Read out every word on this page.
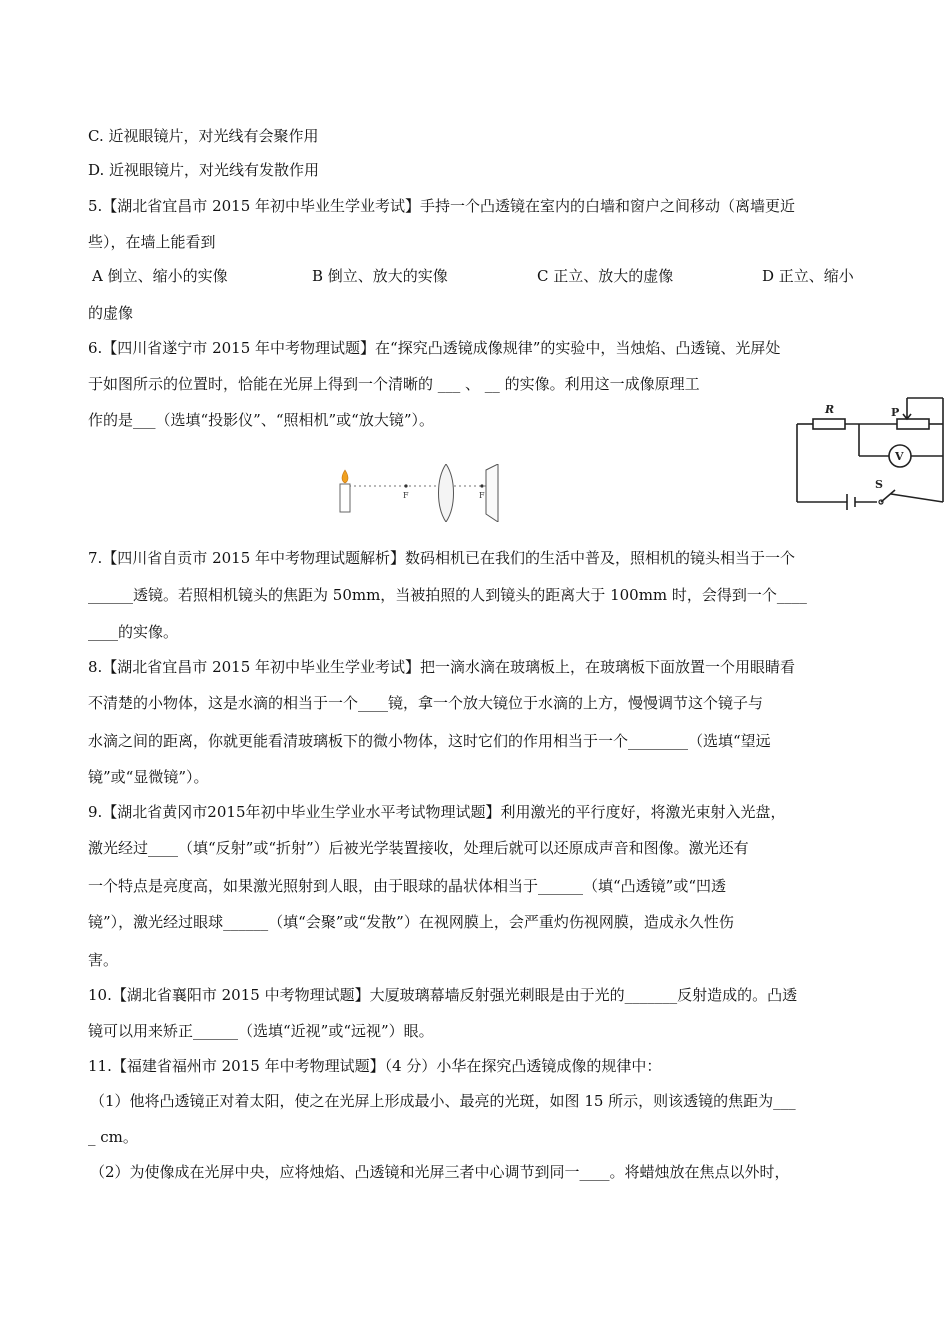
C. 近视眼镜片，对光线有会聚作用
D. 近视眼镜片，对光线有发散作用
5.【湖北省宜昌市 2015 年初中毕业生学业考试】手持一个凸透镜在室内的白墙和窗户之间移动（离墙更近
些），在墙上能看到
A 倒立、缩小的实像	B 倒立、放大的实像	C 正立、放大的虚像	D 正立、缩小
的虚像
6.【四川省遂宁市 2015 年中考物理试题】在“探究凸透镜成像规律”的实验中，当烛焰、凸透镜、光屏处
于如图所示的位置时，恰能在光屏上得到一个清晰的 ___ 、 __ 的实像。利用这一成像原理工
作的是___（选填“投影仪”、“照相机”或“放大镜”）。
F	F
R	P
V
S
7.【四川省自贡市 2015 年中考物理试题解析】数码相机已在我们的生活中普及，照相机的镜头相当于一个
______透镜。若照相机镜头的焦距为 50mm，当被拍照的人到镜头的距离大于 100mm 时，会得到一个____
____的实像。
8.【湖北省宜昌市 2015 年初中毕业生学业考试】把一滴水滴在玻璃板上，在玻璃板下面放置一个用眼睛看
不清楚的小物体，这是水滴的相当于一个____镜，拿一个放大镜位于水滴的上方，慢慢调节这个镜子与
水滴之间的距离，你就更能看清玻璃板下的微小物体，这时它们的作用相当于一个________（选填“望远
镜”或“显微镜”）。
9.【湖北省黄冈市2015年初中毕业生学业水平考试物理试题】利用激光的平行度好，将激光束射入光盘，
激光经过____（填“反射”或“折射”）后被光学装置接收，处理后就可以还原成声音和图像。激光还有
一个特点是亮度高，如果激光照射到人眼，由于眼球的晶状体相当于______（填“凸透镜”或“凹透
镜”），激光经过眼球______（填“会聚”或“发散”）在视网膜上，会严重灼伤视网膜，造成永久性伤
害。
10.【湖北省襄阳市 2015 中考物理试题】大厦玻璃幕墙反射强光刺眼是由于光的_______反射造成的。凸透
镜可以用来矫正______（选填“近视”或“远视”）眼。
11.【福建省福州市 2015 年中考物理试题】（4 分）小华在探究凸透镜成像的规律中：
（1）他将凸透镜正对着太阳，使之在光屏上形成最小、最亮的光斑，如图 15 所示，则该透镜的焦距为___
_ cm。
（2）为使像成在光屏中央，应将烛焰、凸透镜和光屏三者中心调节到同一____。将蜡烛放在焦点以外时，
